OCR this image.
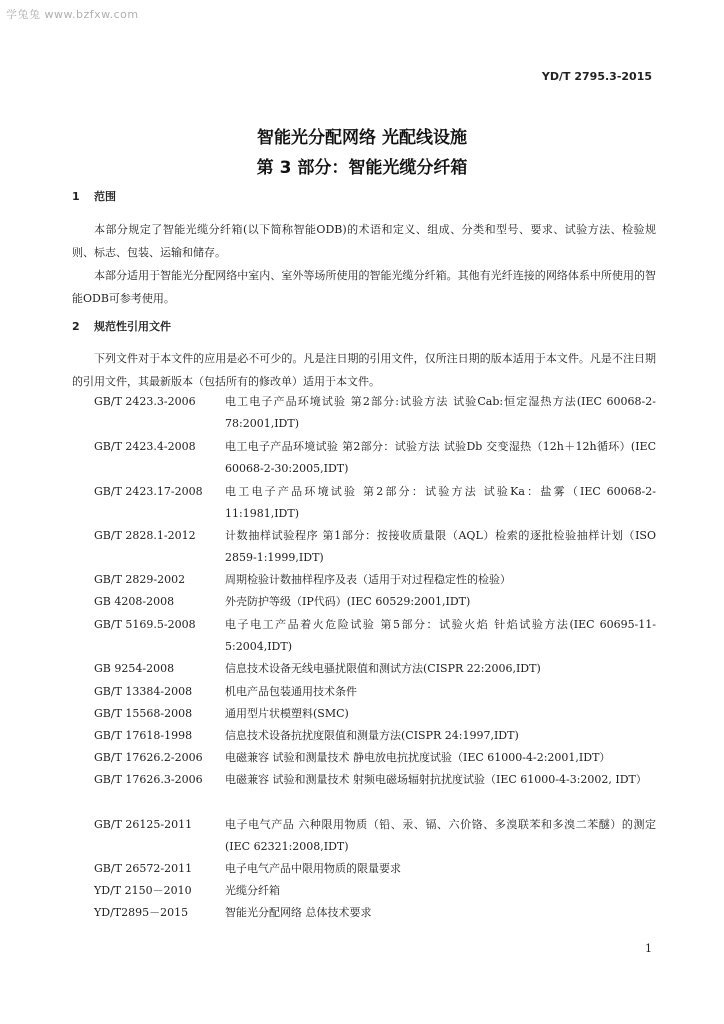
学兔兔 www.bzfxw.com
YD/T 2795.3-2015
智能光分配网络 光配线设施
第 3 部分：智能光缆分纤箱
1 范围

本部分规定了智能光缆分纤箱(以下简称智能ODB)的术语和定义、组成、分类和型号、要求、试验方法、检验规则、标志、包装、运输和储存。

本部分适用于智能光分配网络中室内、室外等场所使用的智能光缆分纤箱。其他有光纤连接的网络体系中所使用的智能ODB可参考使用。

2 规范性引用文件

下列文件对于本文件的应用是必不可少的。凡是注日期的引用文件，仅所注日期的版本适用于本文件。凡是不注日期的引用文件，其最新版本（包括所有的修改单）适用于本文件。

GB/T 2423.3-2006	电工电子产品环境试验 第2部分:试验方法 试验Cab:恒定湿热方法(IEC 60068-2-78:2001,IDT)
GB/T 2423.4-2008	电工电子产品环境试验 第2部分：试验方法 试验Db 交变湿热（12h＋12h循环）(IEC 60068-2-30:2005,IDT)
GB/T 2423.17-2008 电工电子产品环境试验 第2部分：试验方法 试验Ka：盐雾（IEC 60068-2-11:1981,IDT)
GB/T 2828.1-2012	计数抽样试验程序 第1部分：按接收质量限（AQL）检索的逐批检验抽样计划（ISO 2859-1:1999,IDT)
GB/T 2829-2002	周期检验计数抽样程序及表（适用于对过程稳定性的检验）
GB 4208-2008	外壳防护等级（IP代码）(IEC 60529:2001,IDT)
GB/T 5169.5-2008	电子电工产品着火危险试验 第5部分：试验火焰 针焰试验方法(IEC 60695-11-5:2004,IDT)
GB 9254-2008	信息技术设备无线电骚扰限值和测试方法(CISPR 22:2006,IDT)
GB/T 13384-2008	机电产品包装通用技术条件
GB/T 15568-2008	通用型片状模塑料(SMC)
GB/T 17618-1998	信息技术设备抗扰度限值和测量方法(CISPR 24:1997,IDT)
GB/T 17626.2-2006 电磁兼容 试验和测量技术 静电放电抗扰度试验（IEC 61000-4-2:2001,IDT）
GB/T 17626.3-2006 电磁兼容 试验和测量技术 射频电磁场辐射抗扰度试验（IEC 61000-4-3:2002, IDT）
GB/T 26125-2011	电子电气产品 六种限用物质（铅、汞、镉、六价铬、多溴联苯和多溴二苯醚）的测定(IEC 62321:2008,IDT)
GB/T 26572-2011	电子电气产品中限用物质的限量要求
YD/T 2150－2010	光缆分纤箱
YD/T2895－2015	智能光分配网络 总体技术要求
1
